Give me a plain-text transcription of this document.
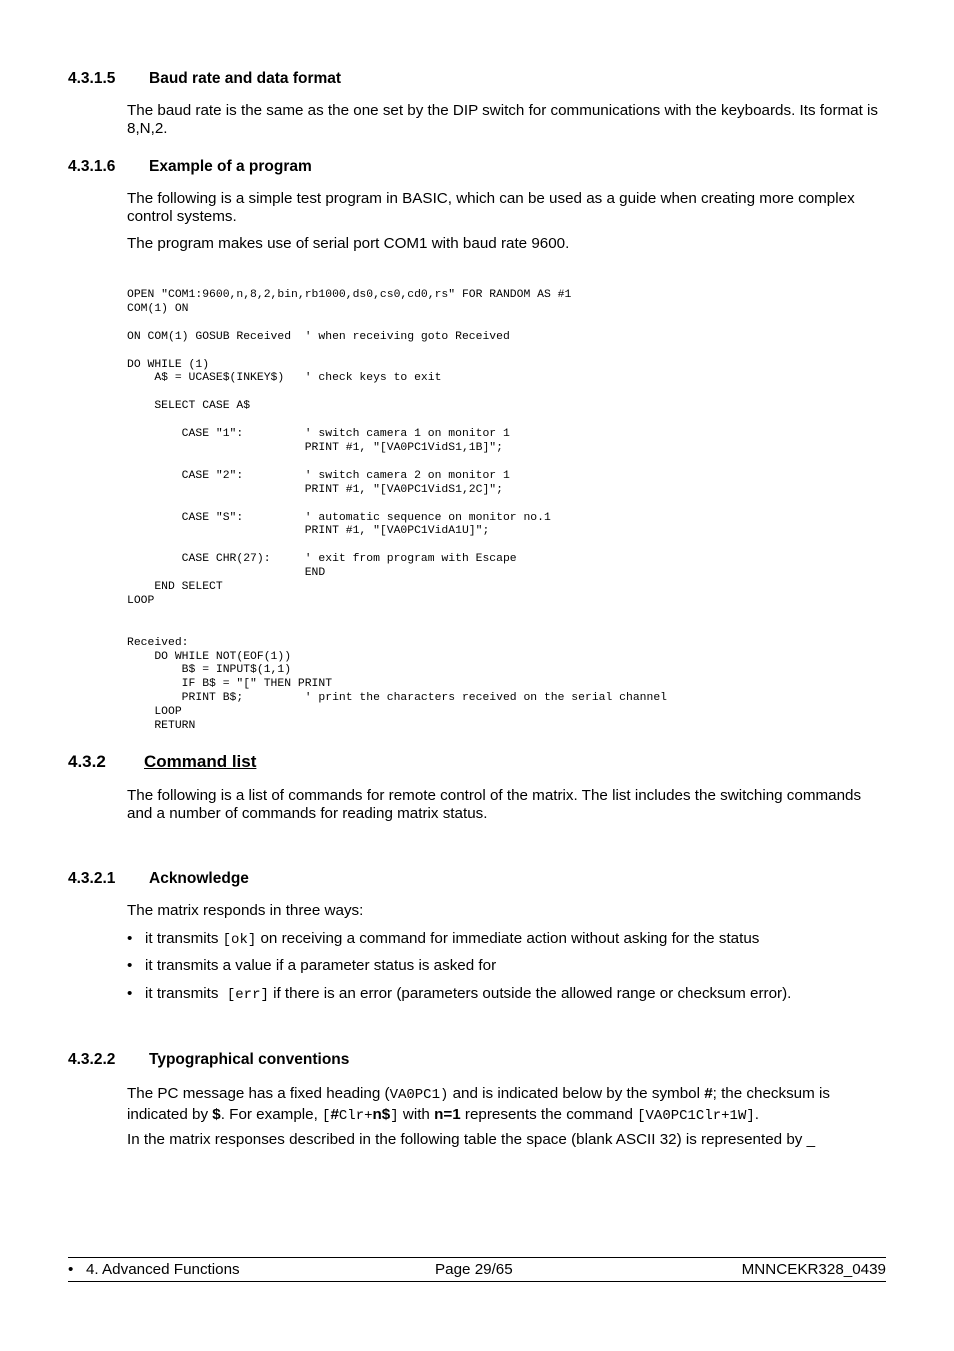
4.3.1.5 Baud rate and data format
The baud rate is the same as the one set by the DIP switch for communications with the keyboards. Its format is 8,N,2.
4.3.1.6 Example of a program
The following is a simple test program in BASIC, which can be used as a guide when creating more complex control systems.
The program makes use of serial port COM1 with baud rate 9600.
OPEN "COM1:9600,n,8,2,bin,rb1000,ds0,cs0,cd0,rs" FOR RANDOM AS #1
COM(1) ON

ON COM(1) GOSUB Received  ' when receiving goto Received

DO WHILE (1)
A$ = UCASE$(INKEY$)   ' check keys to exit

SELECT CASE A$

CASE "1":         ' switch camera 1 on monitor 1
PRINT #1, "[VA0PC1VidS1,1B]";

CASE "2":         ' switch camera 2 on monitor 1
PRINT #1, "[VA0PC1VidS1,2C]";

CASE "S":         ' automatic sequence on monitor no.1
PRINT #1, "[VA0PC1VidA1U]";

CASE CHR(27):     ' exit from program with Escape
END
END SELECT
LOOP

Received:
DO WHILE NOT(EOF(1))
B$ = INPUT$(1,1)
IF B$ = "[" THEN PRINT
PRINT B$;         ' print the characters received on the serial channel
LOOP
RETURN
4.3.2 Command list
The following is a list of commands for remote control of the matrix. The list includes the switching commands and a number of commands for reading matrix status.
4.3.2.1 Acknowledge
The matrix responds in three ways:
• it transmits [ok] on receiving a command for immediate action without asking for the status
• it transmits a value if a parameter status is asked for
• it transmits  [err] if there is an error (parameters outside the allowed range or checksum error).
4.3.2.2 Typographical conventions
The PC message has a fixed heading (VA0PC1) and is indicated below by the symbol #; the checksum is indicated by $. For example, [#Clr+n$] with n=1 represents the command [VA0PC1Clr+1W].
In the matrix responses described in the following table the space (blank ASCII 32) is represented by _
•   4. Advanced Functions	Page 29/65	MNNCEKR328_0439
